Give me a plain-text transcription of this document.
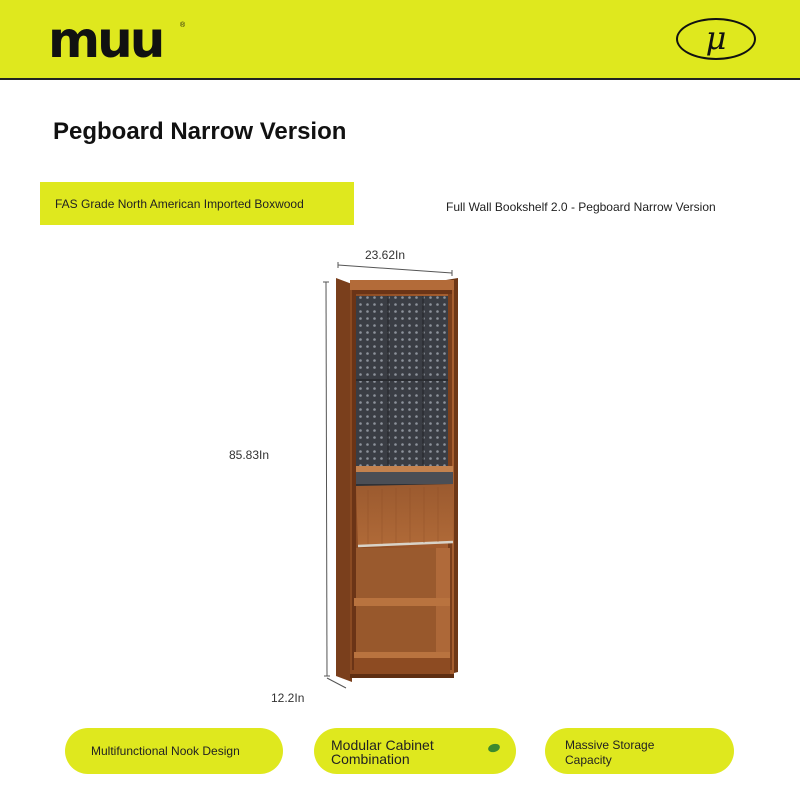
muu	®	μ
Pegboard Narrow Version
FAS Grade North American Imported Boxwood	Full Wall Bookshelf 2.0 - Pegboard Narrow Version
23.62In
85.83In
12.2In
Multifunctional Nook Design	Modular Cabinet
Combination
Massive Storage
Capacity
